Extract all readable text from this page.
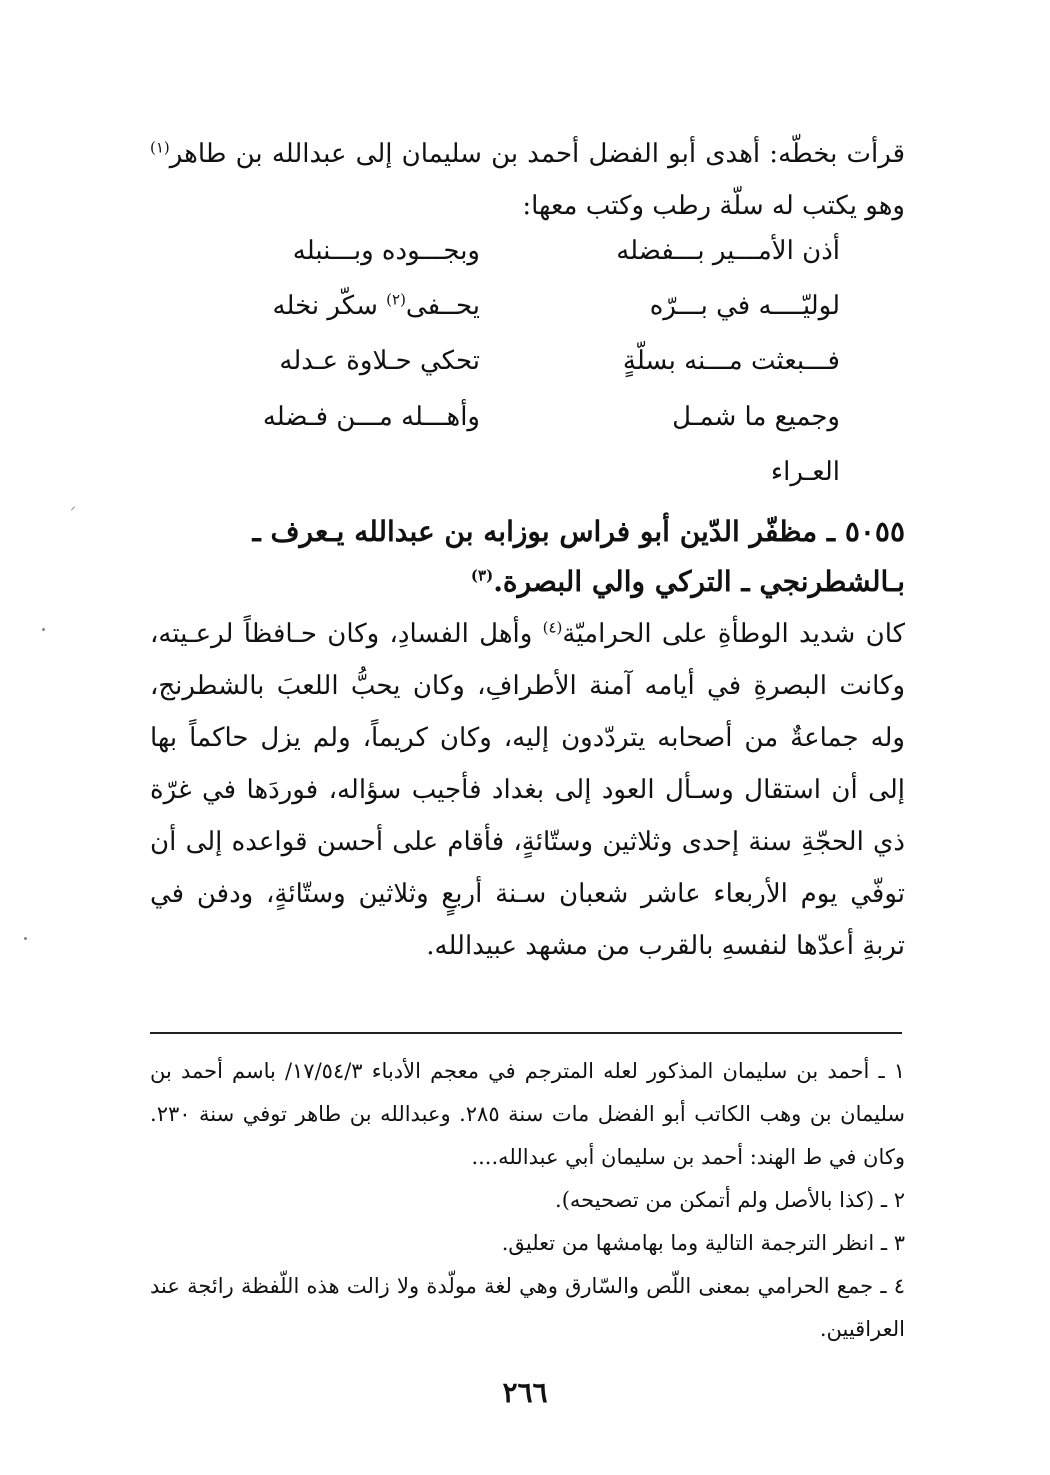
قرأت بخطّه: أهدى أبو الفضل أحمد بن سليمان إلى عبدالله بن طاهر$^{(١)}$ وهو يكتب له سلّة رطب وكتب معها:
أذن الأمـــير بـــفضله
وبجـــوده وبـــنبله
لوليّــــه في بـــرّه
يحــفى$^{(٢)}$ سكّر نخله
فـــبعثت مـــنه بسلّةٍ
تحكي حـلاوة عـدله
وجميع ما شمـل العـراء
وأهـــله مـــن فـضله
٥٠٥٥ ـ مظفّر الدّين أبو فراس بوزابه بن عبدالله يـعرف ـ بـالشطرنجي ـ التركي والي البصرة.$^{(٣)}$
كان شديد الوطأةِ على الحراميّة$^{(٤)}$ وأهل الفسادِ، وكان حـافظاً لرعـيته، وكانت البصرةِ في أيامه آمنة الأطرافِ، وكان يحبُّ اللعبَ بالشطرنج، وله جماعةٌ من أصحابه يتردّدون إليه، وكان كريماً، ولم يزل حاكماً بها إلى أن استقال وسـأل العود إلى بغداد فأجيب سؤاله، فوردَها في غرّة ذي الحجّةِ سنة إحدى وثلاثين وستّائةٍ، فأقام على أحسن قواعده إلى أن توفّي يوم الأربعاء عاشر شعبان سـنة أربعٍ وثلاثين وستّائةٍ، ودفن في تربةِ أعدّها لنفسهِ بالقرب من مشهد عبيدالله.
١ ـ أحمد بن سليمان المذكور لعله المترجم في معجم الأدباء ١٧/٥٤/٣/ باسم أحمد بن سليمان بن وهب الكاتب أبو الفضل مات سنة ٢٨٥. وعبدالله بن طاهر توفي سنة ٢٣٠. وكان في ط الهند: أحمد بن سليمان أبي عبدالله....
٢ ـ (كذا بالأصل ولم أتمكن من تصحيحه).
٣ ـ انظر الترجمة التالية وما بهامشها من تعليق.
٤ ـ جمع الحرامي بمعنى اللّص والسّارق وهي لغة مولّدة ولا زالت هذه اللّفظة رائجة عند العراقيين.
٢٦٦
